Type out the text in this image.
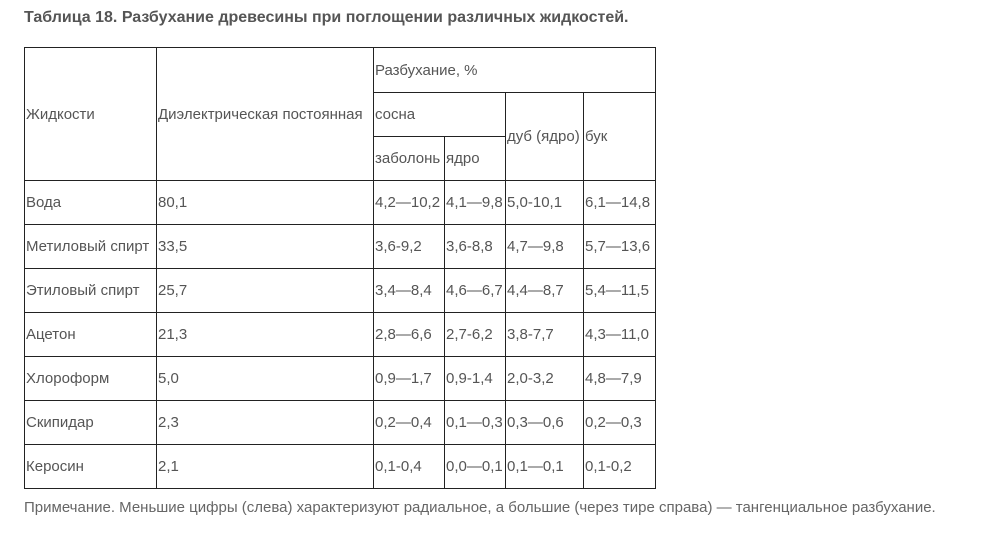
Таблица 18. Разбухание древесины при поглощении различных жидкостей.
Жидкости	Диэлектрическая постоянная	Разбухание, %			
		сосна		дуб (ядро)	бук
		заболонь	ядро		
Вода	80,1	4,2—10,2	4,1—9,8	5,0-10,1	6,1—14,8
Метиловый спирт	33,5	3,6-9,2	3,6-8,8	4,7—9,8	5,7—13,6
Этиловый спирт	25,7	3,4—8,4	4,6—6,7	4,4—8,7	5,4—11,5
Ацетон	21,3	2,8—6,6	2,7-6,2	3,8-7,7	4,3—11,0
Хлороформ	5,0	0,9—1,7	0,9-1,4	2,0-3,2	4,8—7,9
Скипидар	2,3	0,2—0,4	0,1—0,3	0,3—0,6	0,2—0,3
Керосин	2,1	0,1-0,4	0,0—0,1	0,1—0,1	0,1-0,2
Примечание. Меньшие цифры (слева) характеризуют радиальное, а большие (через тире справа) — тангенциальное разбухание.
